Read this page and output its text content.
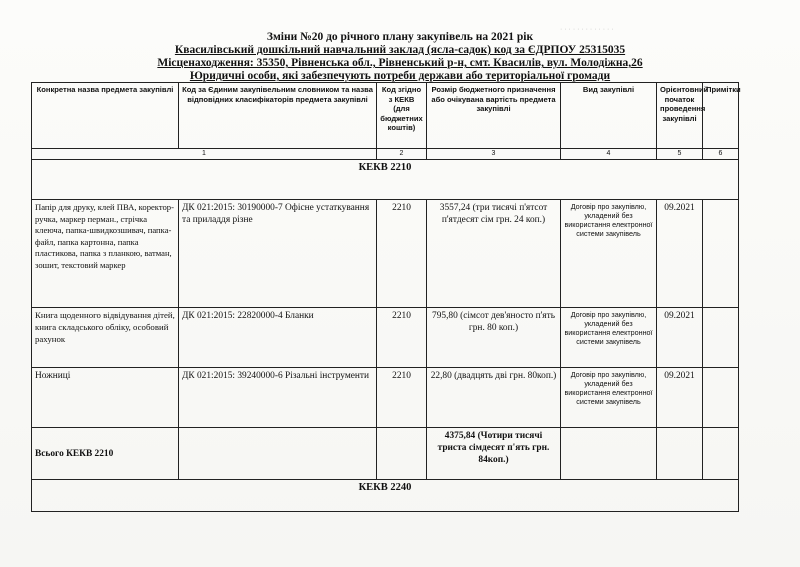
· · · · · · · · · · · · ·
Зміни №20 до річного плану закупівель на 2021 рік
Квасилівський дошкільний навчальний заклад (ясла-садок) код за ЄДРПОУ 25315035
Місценаходження: 35350, Рівненська обл., Рівненський р-н, смт. Квасилів, вул. Молодіжна,26
Юридичні особи, які забезпечують потреби держави або територіальної громади
Конкретна назва предмета закупівлі	Код за Єдиним закупівельним словником та назва відповідних класифікаторів предмета закупівлі	Код згідно з КЕКВ (для бюджетних коштів)	Розмір бюджетного призначення або очікувана вартість предмета закупівлі	Вид закупівлі	Орієнтовний початок проведення закупівлі	Примітки
1		2	3	4	5	6
КЕКВ 2210						
Папір для друку, клей ПВА, коректор-ручка, маркер перман., стрічка клеюча, папка-швидкозшивач, папка-файл, папка картонна, папка пластикова, папка з планкою, ватман, зошит, текстовий маркер	ДК 021:2015: 30190000-7 Офісне устаткування та приладдя різне	2210	3557,24 (три тисячі п'ятсот п'ятдесят сім грн. 24 коп.)	Договір про закупівлю, укладений без використання електронної системи закупівель	09.2021	
Книга щоденного відвідування дітей, книга складського обліку, особовий рахунок	ДК 021:2015: 22820000-4 Бланки	2210	795,80 (сімсот дев'яносто п'ять грн. 80 коп.)	Договір про закупівлю, укладений без використання електронної системи закупівель	09.2021	
Ножниці	ДК 021:2015: 39240000-6 Різальні інструменти	2210	22,80 (двадцять дві грн. 80коп.)	Договір про закупівлю, укладений без використання електронної системи закупівель	09.2021	
Всього КЕКВ 2210			4375,84 (Чотири тисячі триста сімдесят п'ять грн. 84коп.)			
КЕКВ 2240						
